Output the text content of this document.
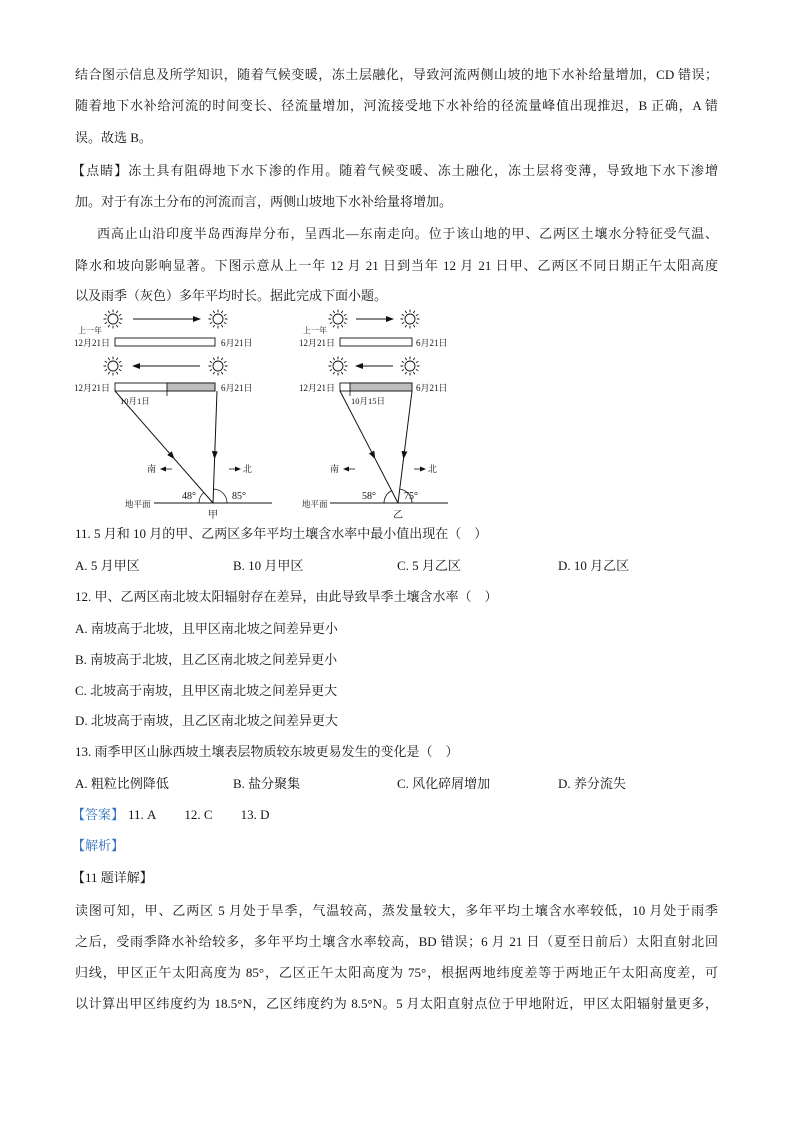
结合图示信息及所学知识，随着气候变暖，冻土层融化，导致河流两侧山坡的地下水补给量增加，CD 错误；
随着地下水补给河流的时间变长、径流量增加，河流接受地下水补给的径流量峰值出现推迟，B 正确，A 错
误。故选 B。
【点睛】冻土具有阻碍地下水下渗的作用。随着气候变暖、冻土融化，冻土层将变薄，导致地下水下渗增
加。对于有冻土分布的河流而言，两侧山坡地下水补给量将增加。
西高止山沿印度半岛西海岸分布，呈西北—东南走向。位于该山地的甲、乙两区土壤水分特征受气温、
降水和坡向影响显著。下图示意从上一年 12 月 21 日到当年 12 月 21 日甲、乙两区不同日期正午太阳高度
以及雨季（灰色）多年平均时长。据此完成下面小题。
上一年
12月21日	6月21日
12月21日
10月1日
6月21日
南	北
48°	85°
地平面
甲
上一年
12月21日	6月21日
12月21日
10月15日
6月21日
南	北
58°	75°
地平面
乙
11. 5 月和 10 月的甲、乙两区多年平均土壤含水率中最小值出现在（　）
A. 5 月甲区	B. 10 月甲区	C. 5 月乙区	D. 10 月乙区
12. 甲、乙两区南北坡太阳辐射存在差异，由此导致旱季土壤含水率（　）
A. 南坡高于北坡，且甲区南北坡之间差异更小
B. 南坡高于北坡，且乙区南北坡之间差异更小
C. 北坡高于南坡，且甲区南北坡之间差异更大
D. 北坡高于南坡，且乙区南北坡之间差异更大
13. 雨季甲区山脉西坡土壤表层物质较东坡更易发生的变化是（　）
A. 粗粒比例降低	B. 盐分聚集	C. 风化碎屑增加	D. 养分流失
【答案】 11. A 12. C 13. D
【解析】
【11 题详解】
读图可知，甲、乙两区 5 月处于旱季，气温较高，蒸发量较大，多年平均土壤含水率较低，10 月处于雨季
之后，受雨季降水补给较多，多年平均土壤含水率较高，BD 错误；6 月 21 日（夏至日前后）太阳直射北回
归线，甲区正午太阳高度为 85°，乙区正午太阳高度为 75°，根据两地纬度差等于两地正午太阳高度差，可
以计算出甲区纬度约为 18.5°N，乙区纬度约为 8.5°N。5 月太阳直射点位于甲地附近，甲区太阳辐射量更多，
